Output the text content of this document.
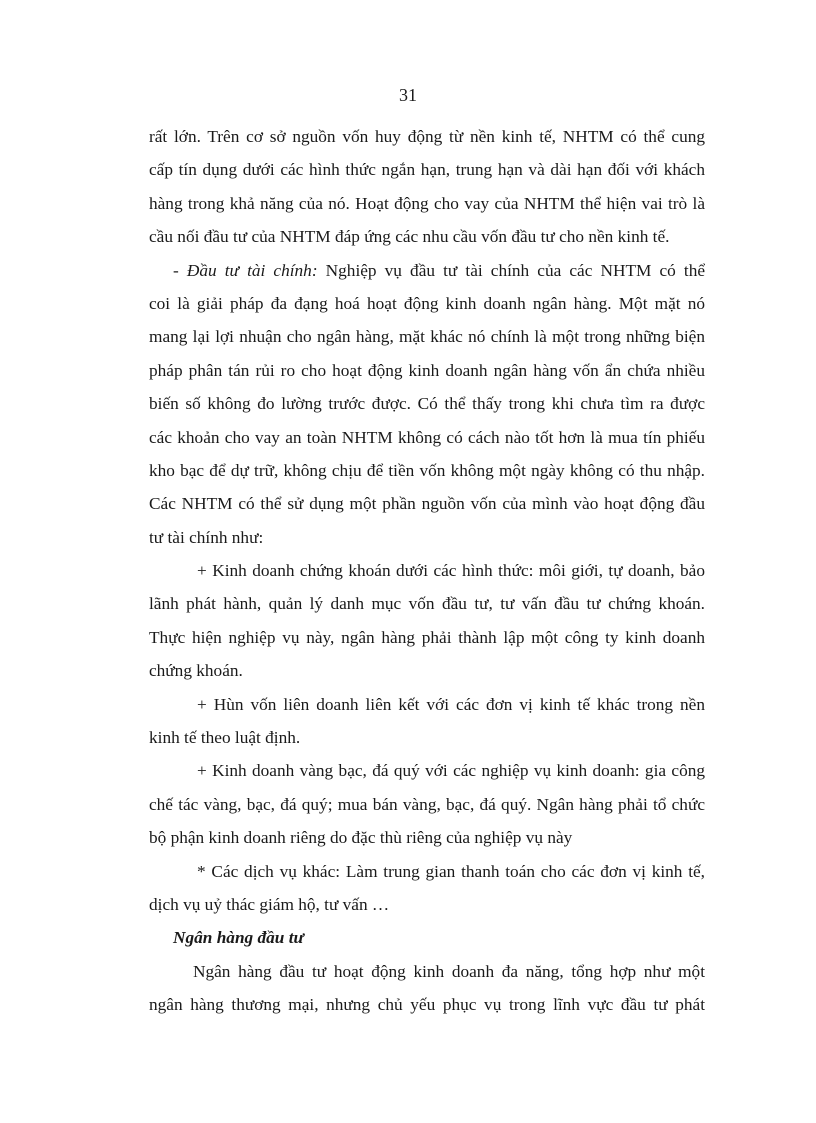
31
rất lớn. Trên cơ sở nguồn vốn huy động từ nền kinh tế, NHTM có thể cung
cấp tín dụng dưới các hình thức ngắn hạn, trung hạn và dài hạn đối với khách
hàng trong khả năng của nó. Hoạt động cho vay của NHTM thể hiện vai trò là
cầu nối đầu tư của NHTM đáp ứng các nhu cầu vốn đầu tư cho nền kinh tế.
- Đầu tư tài chính: Nghiệp vụ đầu tư tài chính của các NHTM có thể
coi là giải pháp đa đạng hoá hoạt động kinh doanh ngân hàng. Một mặt nó
mang lại lợi nhuận cho ngân hàng, mặt khác nó chính là một trong những biện
pháp phân tán rủi ro cho hoạt động kinh doanh ngân hàng vốn ẩn chứa nhiều
biến số không đo lường trước được. Có thể thấy trong khi chưa tìm ra được
các khoản cho vay an toàn NHTM không có cách nào tốt hơn là mua tín phiếu
kho bạc để dự trữ, không chịu để tiền vốn không một ngày không có thu nhập.
Các NHTM có thể sử dụng một phần nguồn vốn của mình vào hoạt động đầu
tư tài chính như:
+ Kinh doanh chứng khoán dưới các hình thức: môi giới, tự doanh, bảo
lãnh phát hành, quản lý danh mục vốn đầu tư, tư vấn đầu tư chứng khoán.
Thực hiện nghiệp vụ này, ngân hàng phải thành lập một công ty kinh doanh
chứng khoán.
+ Hùn vốn liên doanh liên kết với các đơn vị kinh tế khác trong nền
kinh tế theo luật định.
+ Kinh doanh vàng bạc, đá quý với các nghiệp vụ kinh doanh: gia công
chế tác vàng, bạc, đá quý; mua bán vàng, bạc, đá quý. Ngân hàng phải tổ chức
bộ phận kinh doanh riêng do đặc thù riêng của nghiệp vụ này
* Các dịch vụ khác: Làm trung gian thanh toán cho các đơn vị kinh tế,
dịch vụ uỷ thác giám hộ, tư vấn …
Ngân hàng đầu tư
Ngân hàng đầu tư hoạt động kinh doanh đa năng, tổng hợp như một
ngân hàng thương mại, nhưng chủ yếu phục vụ trong lĩnh vực đầu tư phát
